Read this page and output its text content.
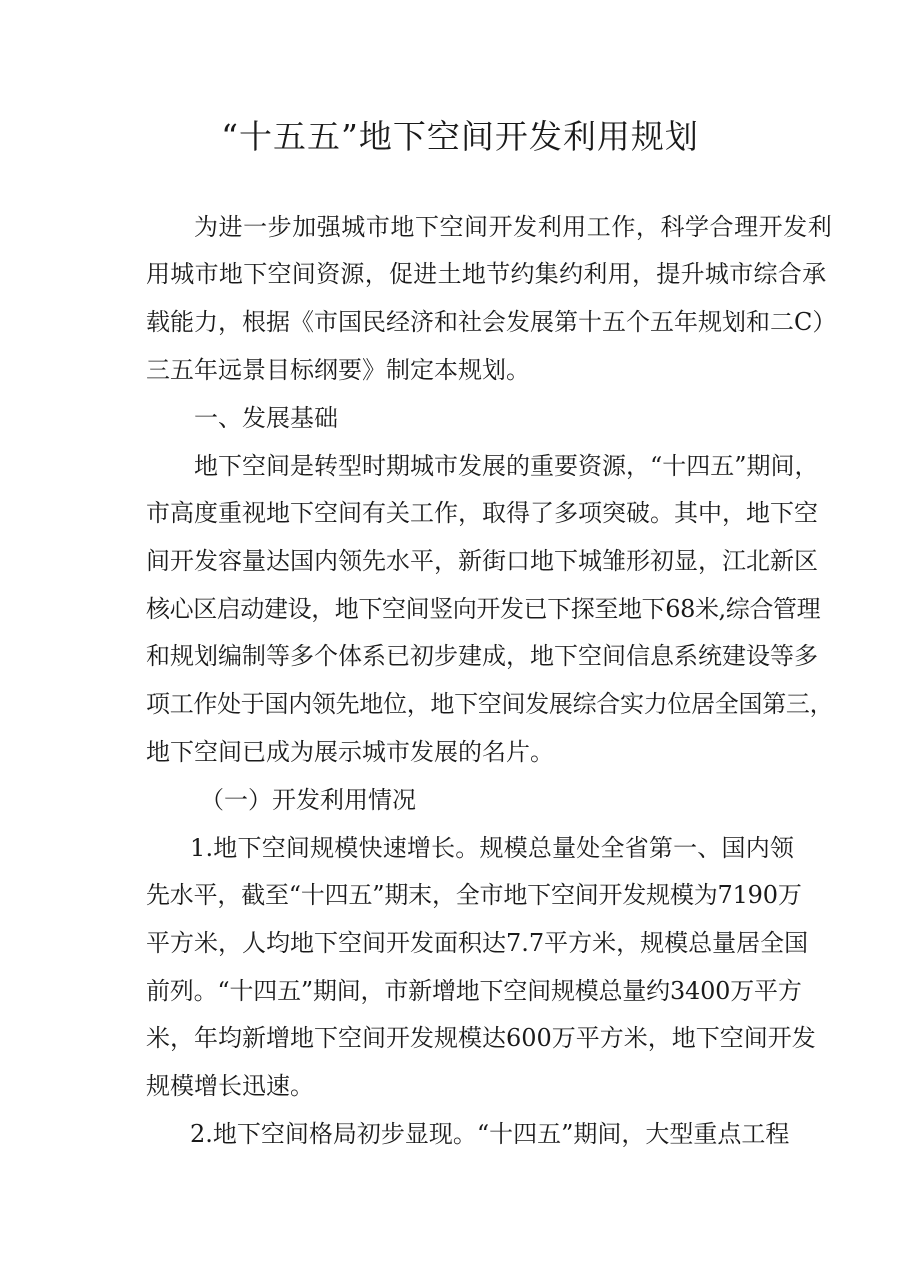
“十五五”地下空间开发利用规划

为进一步加强城市地下空间开发利用工作，科学合理开发利

用城市地下空间资源，促进土地节约集约利用，提升城市综合承

载能力，根据《市国民经济和社会发展第十五个五年规划和二C）

三五年远景目标纲要》制定本规划。

一、发展基础

地下空间是转型时期城市发展的重要资源，“十四五”期间，

市高度重视地下空间有关工作，取得了多项突破。其中，地下空

间开发容量达国内领先水平，新街口地下城雏形初显，江北新区

核心区启动建设，地下空间竖向开发已下探至地下68米,综合管理

和规划编制等多个体系已初步建成，地下空间信息系统建设等多

项工作处于国内领先地位，地下空间发展综合实力位居全国第三，

地下空间已成为展示城市发展的名片。

（一）开发利用情况

1.地下空间规模快速增长。规模总量处全省第一、国内领

先水平，截至“十四五”期末，全市地下空间开发规模为7190万

平方米，人均地下空间开发面积达7.7平方米，规模总量居全国

前列。“十四五”期间，市新增地下空间规模总量约3400万平方

米，年均新增地下空间开发规模达600万平方米，地下空间开发

规模增长迅速。

2.地下空间格局初步显现。“十四五”期间，大型重点工程
